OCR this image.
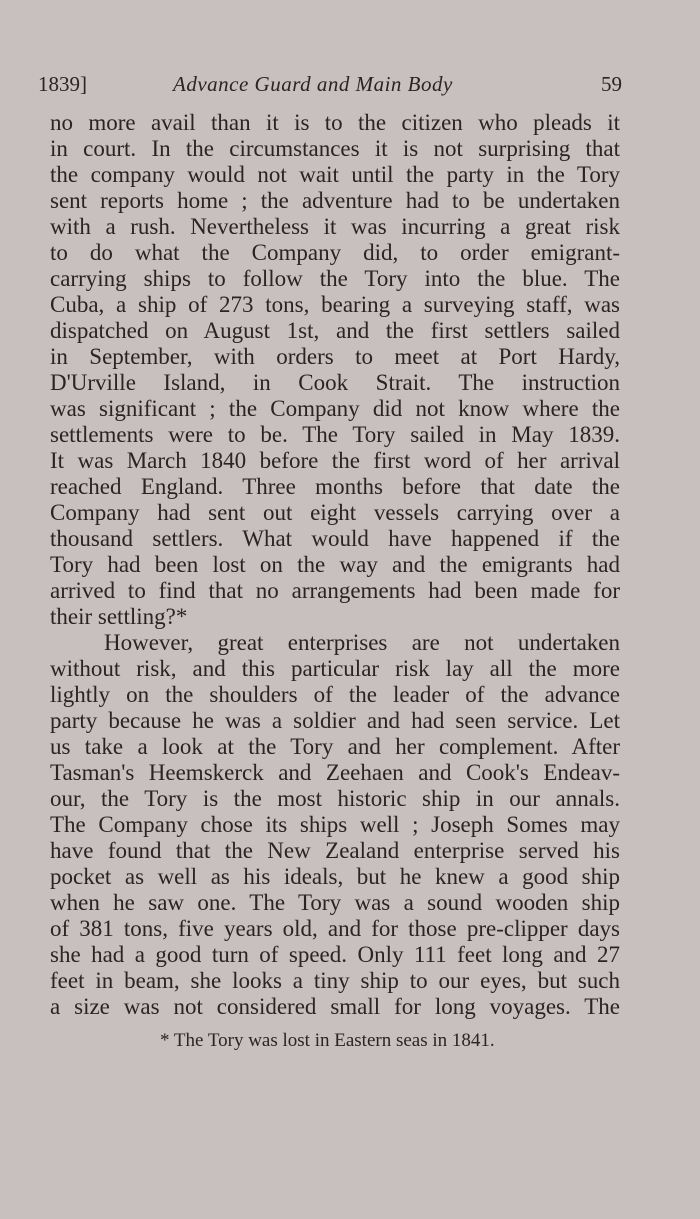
1839]	Advance Guard and Main Body	59
no more avail than it is to the citizen who pleads it
in court. In the circumstances it is not surprising that
the company would not wait until the party in the Tory
sent reports home ; the adventure had to be undertaken
with a rush. Nevertheless it was incurring a great risk
to do what the Company did, to order emigrant-
carrying ships to follow the Tory into the blue. The
Cuba, a ship of 273 tons, bearing a surveying staff, was
dispatched on August 1st, and the first settlers sailed
in September, with orders to meet at Port Hardy,
D'Urville Island, in Cook Strait. The instruction
was significant ; the Company did not know where the
settlements were to be. The Tory sailed in May 1839.
It was March 1840 before the first word of her arrival
reached England. Three months before that date the
Company had sent out eight vessels carrying over a
thousand settlers. What would have happened if the
Tory had been lost on the way and the emigrants had
arrived to find that no arrangements had been made for
their settling?*
However, great enterprises are not undertaken
without risk, and this particular risk lay all the more
lightly on the shoulders of the leader of the advance
party because he was a soldier and had seen service. Let
us take a look at the Tory and her complement. After
Tasman's Heemskerck and Zeehaen and Cook's Endeav-
our, the Tory is the most historic ship in our annals.
The Company chose its ships well ; Joseph Somes may
have found that the New Zealand enterprise served his
pocket as well as his ideals, but he knew a good ship
when he saw one. The Tory was a sound wooden ship
of 381 tons, five years old, and for those pre-clipper days
she had a good turn of speed. Only 111 feet long and 27
feet in beam, she looks a tiny ship to our eyes, but such
a size was not considered small for long voyages. The
* The Tory was lost in Eastern seas in 1841.
